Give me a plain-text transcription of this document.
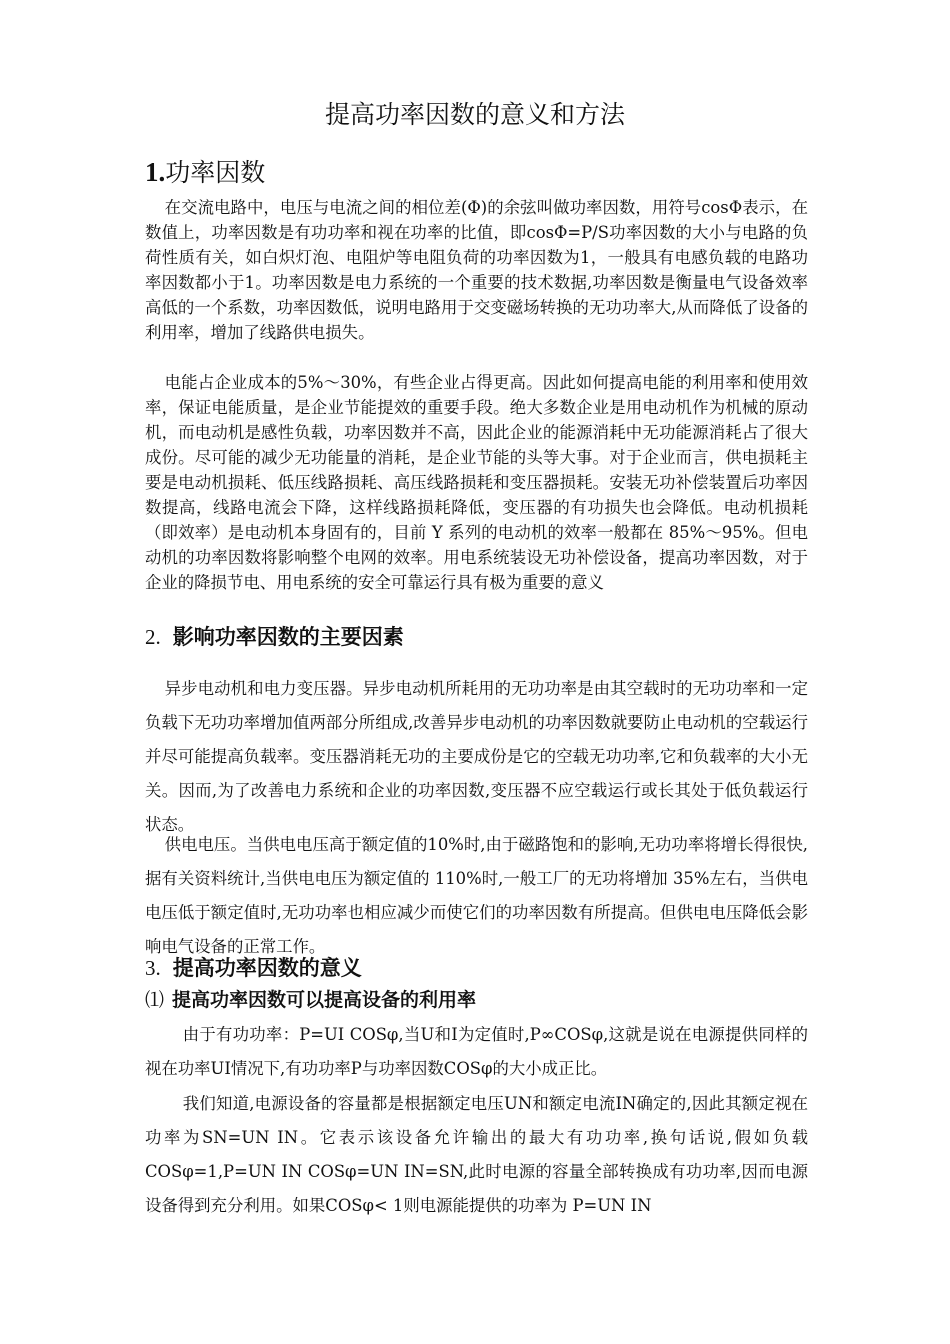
提高功率因数的意义和方法
1.功率因数

在交流电路中，电压与电流之间的相位差(Φ)的余弦叫做功率因数，用符号cosΦ表示，在数值上，功率因数是有功功率和视在功率的比值，即cosΦ=P/S功率因数的大小与电路的负荷性质有关，如白炽灯泡、电阻炉等电阻负荷的功率因数为1，一般具有电感负载的电路功率因数都小于1。功率因数是电力系统的一个重要的技术数据,功率因数是衡量电气设备效率高低的一个系数，功率因数低，说明电路用于交变磁场转换的无功功率大,从而降低了设备的利用率，增加了线路供电损失。

电能占企业成本的5%～30%，有些企业占得更高。因此如何提高电能的利用率和使用效率，保证电能质量，是企业节能提效的重要手段。绝大多数企业是用电动机作为机械的原动机，而电动机是感性负载，功率因数并不高，因此企业的能源消耗中无功能源消耗占了很大成份。尽可能的减少无功能量的消耗，是企业节能的头等大事。对于企业而言，供电损耗主要是电动机损耗、低压线路损耗、高压线路损耗和变压器损耗。安装无功补偿装置后功率因数提高，线路电流会下降，这样线路损耗降低，变压器的有功损失也会降低。电动机损耗（即效率）是电动机本身固有的，目前 Y 系列的电动机的效率一般都在 85%～95%。但电动机的功率因数将影响整个电网的效率。用电系统装设无功补偿设备，提高功率因数，对于企业的降损节电、用电系统的安全可靠运行具有极为重要的意义

2. 影响功率因数的主要因素

异步电动机和电力变压器。异步电动机所耗用的无功功率是由其空载时的无功功率和一定负载下无功功率增加值两部分所组成,改善异步电动机的功率因数就要防止电动机的空载运行并尽可能提高负载率。变压器消耗无功的主要成份是它的空载无功功率,它和负载率的大小无关。因而,为了改善电力系统和企业的功率因数,变压器不应空载运行或长其处于低负载运行状态。

供电电压。当供电电压高于额定值的10%时,由于磁路饱和的影响,无功功率将增长得很快,据有关资料统计,当供电电压为额定值的 110%时,一般工厂的无功将增加 35%左右，当供电电压低于额定值时,无功功率也相应减少而使它们的功率因数有所提高。但供电电压降低会影响电气设备的正常工作。

3. 提高功率因数的意义
⑴ 提高功率因数可以提高设备的利用率

由于有功功率：P=UI COSφ,当U和I为定值时,P∞COSφ,这就是说在电源提供同样的视在功率UI情况下,有功功率P与功率因数COSφ的大小成正比。

我们知道,电源设备的容量都是根据额定电压UN和额定电流IN确定的,因此其额定视在功率为SN=UN IN。它表示该设备允许输出的最大有功功率,换句话说,假如负载COSφ=1,P=UN IN COSφ=UN IN=SN,此时电源的容量全部转换成有功功率,因而电源设备得到充分利用。如果COSφ< 1则电源能提供的功率为 P=UN IN
